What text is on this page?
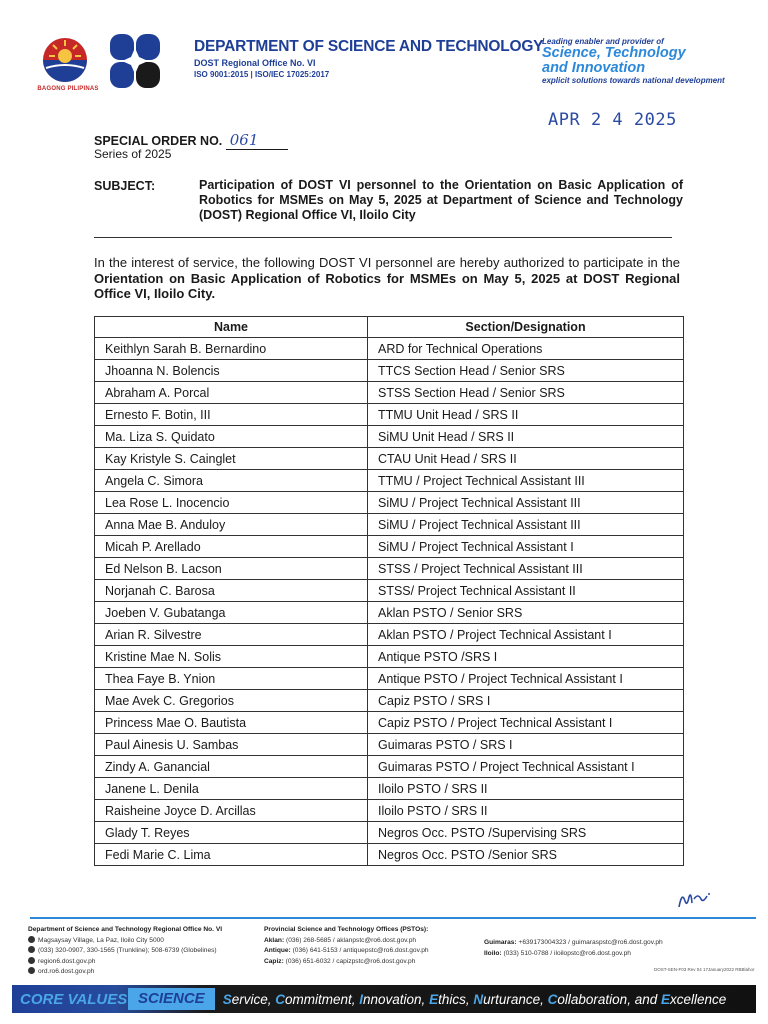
BAGONG PILIPINAS
DEPARTMENT OF SCIENCE AND TECHNOLOGY
DOST Regional Office No. VI
ISO 9001:2015 | ISO/IEC 17025:2017
Leading enabler and provider of
Science, Technology
and Innovation
explicit solutions towards national development
APR 2 4 2025
SPECIAL ORDER NO. 061
Series of 2025
SUBJECT:	Participation of DOST VI personnel to the Orientation on Basic Application of Robotics for MSMEs on May 5, 2025 at Department of Science and Technology (DOST) Regional Office VI, Iloilo City

In the interest of service, the following DOST VI personnel are hereby authorized to participate in the Orientation on Basic Application of Robotics for MSMEs on May 5, 2025 at DOST Regional Office VI, Iloilo City.

Name	Section/Designation
Keithlyn Sarah B. Bernardino	ARD for Technical Operations
Jhoanna N. Bolencis	TTCS Section Head / Senior SRS
Abraham A. Porcal	STSS Section Head / Senior SRS
Ernesto F. Botin, III	TTMU Unit Head / SRS II
Ma. Liza S. Quidato	SiMU Unit Head / SRS II
Kay Kristyle S. Cainglet	CTAU Unit Head / SRS II
Angela C. Simora	TTMU / Project Technical Assistant III
Lea Rose L. Inocencio	SiMU / Project Technical Assistant III
Anna Mae B. Anduloy	SiMU / Project Technical Assistant III
Micah P. Arellado	SiMU / Project Technical Assistant I
Ed Nelson B. Lacson	STSS / Project Technical Assistant III
Norjanah C. Barosa	STSS/ Project Technical Assistant II
Joeben V. Gubatanga	Aklan PSTO / Senior SRS
Arian R. Silvestre	Aklan PSTO / Project Technical Assistant I
Kristine Mae N. Solis	Antique PSTO /SRS I
Thea Faye B. Ynion	Antique PSTO / Project Technical Assistant I
Mae Avek C. Gregorios	Capiz PSTO / SRS I
Princess Mae O. Bautista	Capiz PSTO / Project Technical Assistant I
Paul Ainesis U. Sambas	Guimaras PSTO / SRS I
Zindy A. Ganancial	Guimaras PSTO / Project Technical Assistant I
Janene L. Denila	Iloilo PSTO / SRS II
Raisheine Joyce D. Arcillas	Iloilo PSTO / SRS II
Glady T. Reyes	Negros Occ. PSTO /Supervising SRS
Fedi Marie C. Lima	Negros Occ. PSTO /Senior SRS
Department of Science and Technology Regional Office No. VI
Magsaysay Village, La Paz, Iloilo City 5000
(033) 320-0907, 330-1565 (Trunkline); 508-6739 (Globelines)
region6.dost.gov.ph
ord.ro6.dost.gov.ph
Provincial Science and Technology Offices (PSTOs):
Aklan: (036) 268-5685 / aklanpstc@ro6.dost.gov.ph
Antique: (036) 641-5153 / antiquepstc@ro6.dost.gov.ph
Capiz: (036) 651-6032 / capizpstc@ro6.dost.gov.ph
Guimaras: +639173004323 / guimaraspstc@ro6.dost.gov.ph
Iloilo: (033) 510-0788 / iloilopstc@ro6.dost.gov.ph
DOST-SEN-F03 Rev 04 17January2022 RBBlahor
CORE VALUES SCIENCE	Service, Commitment, Innovation, Ethics, Nurturance, Collaboration, and Excellence
